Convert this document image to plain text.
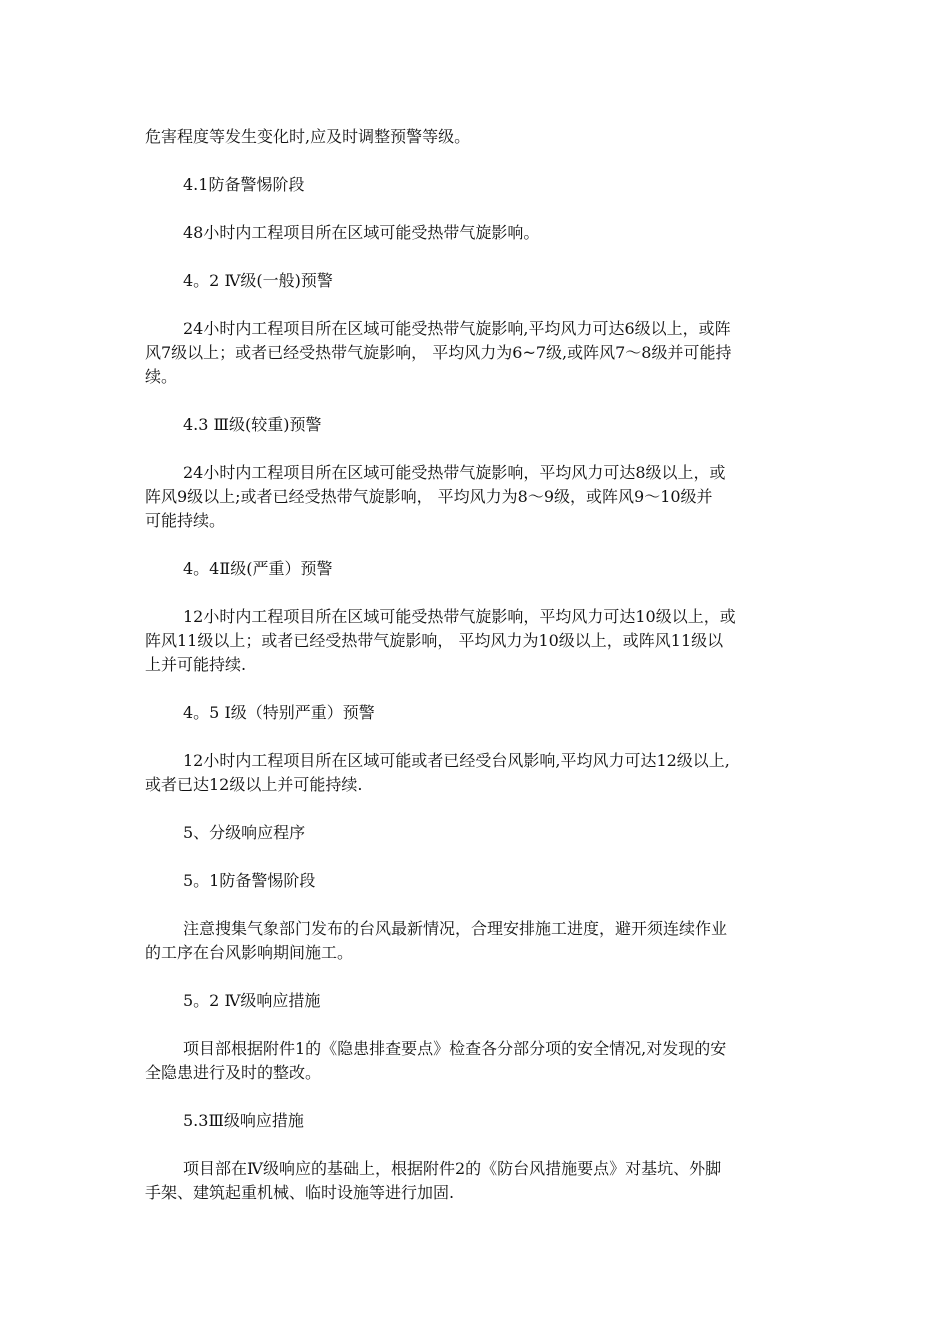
危害程度等发生变化时,应及时调整预警等级。

4.1防备警惕阶段

48小时内工程项目所在区域可能受热带气旋影响。

4。2 Ⅳ级(一般)预警

24小时内工程项目所在区域可能受热带气旋影响,平均风力可达6级以上，或阵

风7级以上；或者已经受热带气旋影响， 平均风力为6~7级,或阵风7～8级并可能持

续。

4.3 Ⅲ级(较重)预警

24小时内工程项目所在区域可能受热带气旋影响，平均风力可达8级以上，或

阵风9级以上;或者已经受热带气旋影响， 平均风力为8～9级，或阵风9～10级并

可能持续。

4。4Ⅱ级(严重）预警

12小时内工程项目所在区域可能受热带气旋影响，平均风力可达10级以上，或

阵风11级以上；或者已经受热带气旋影响， 平均风力为10级以上，或阵风11级以

上并可能持续.

4。5 Ⅰ级（特别严重）预警

12小时内工程项目所在区域可能或者已经受台风影响,平均风力可达12级以上,

或者已达12级以上并可能持续.

5、分级响应程序

5。1防备警惕阶段

注意搜集气象部门发布的台风最新情况，合理安排施工进度，避开须连续作业

的工序在台风影响期间施工。

5。2 Ⅳ级响应措施

项目部根据附件1的《隐患排查要点》检查各分部分项的安全情况,对发现的安

全隐患进行及时的整改。

5.3Ⅲ级响应措施

项目部在Ⅳ级响应的基础上，根据附件2的《防台风措施要点》对基坑、外脚

手架、建筑起重机械、临时设施等进行加固.
